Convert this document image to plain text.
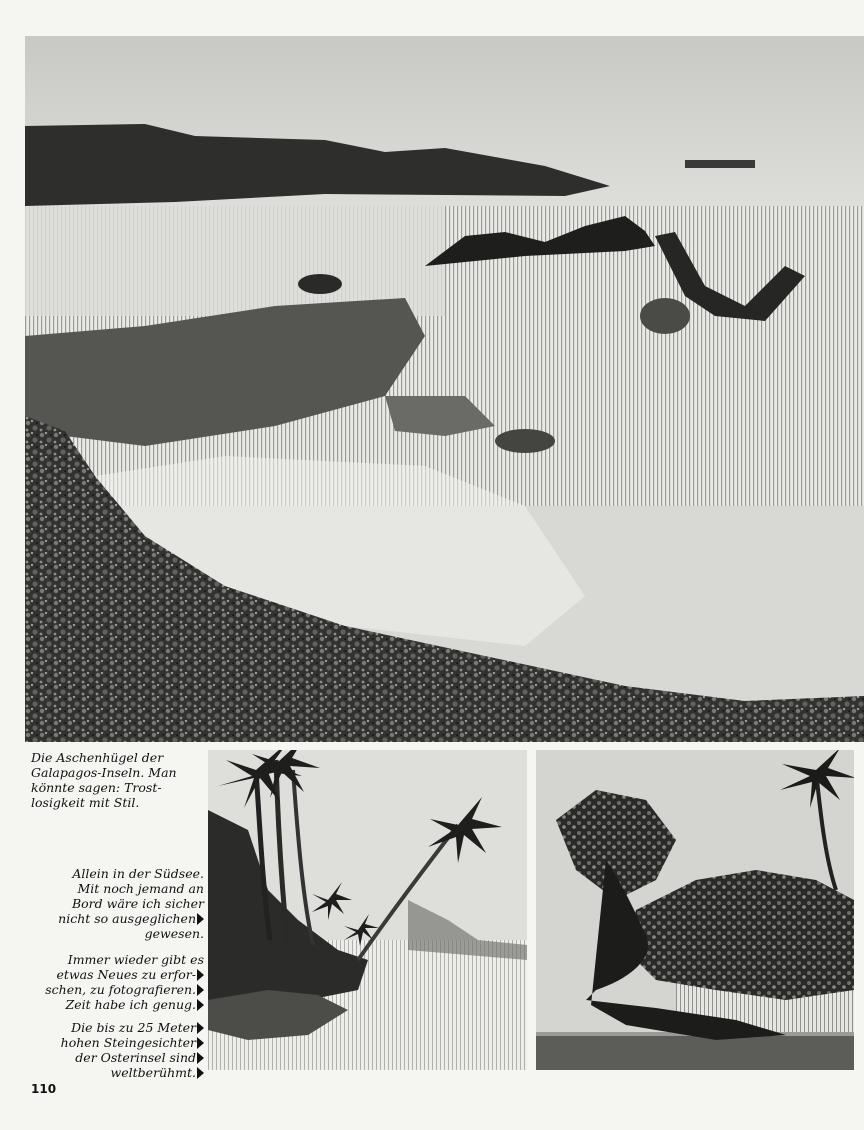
Die Aschenhügel der
Galapagos-Inseln. Man
könnte sagen: Trost-
losigkeit mit Stil.
Allein in der Südsee.
Mit noch jemand an
Bord wäre ich sicher
nicht so ausgeglichen
gewesen.
Immer wieder gibt es
etwas Neues zu erfor-
schen, zu fotografieren.
Zeit habe ich genug.
Die bis zu 25 Meter
hohen Steingesichter
der Osterinsel sind
weltberühmt.
110
